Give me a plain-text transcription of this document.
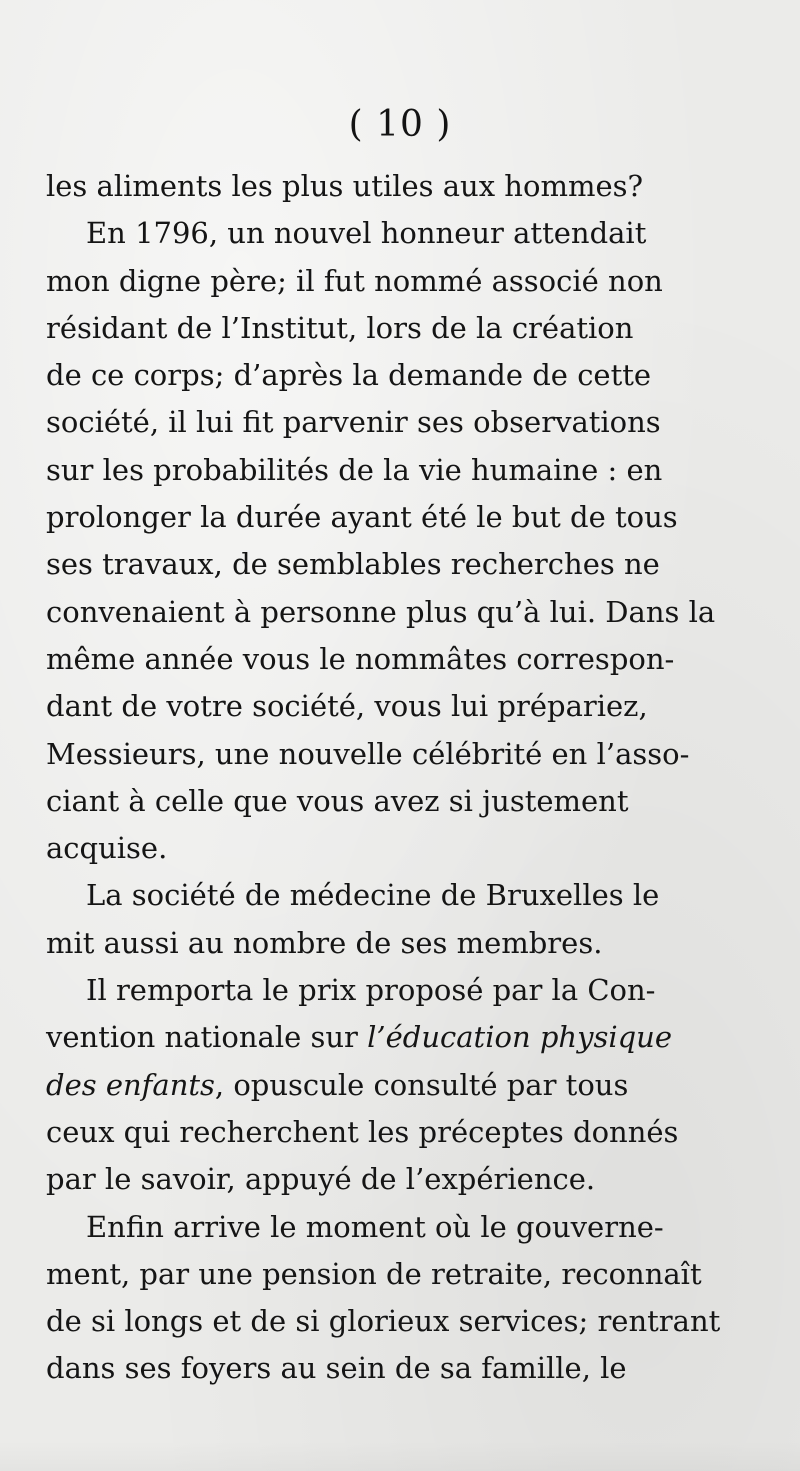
( 10 )
les aliments les plus utiles aux hommes?
En 1796, un nouvel honneur attendait
mon digne père; il fut nommé associé non
résidant de l’Institut, lors de la création
de ce corps; d’après la demande de cette
société, il lui fit parvenir ses observations
sur les probabilités de la vie humaine : en
prolonger la durée ayant été le but de tous
ses travaux, de semblables recherches ne
convenaient à personne plus qu’à lui. Dans la
même année vous le nommâtes correspon-
dant de votre société, vous lui prépariez,
Messieurs, une nouvelle célébrité en l’asso-
ciant à celle que vous avez si justement
acquise.
La société de médecine de Bruxelles le
mit aussi au nombre de ses membres.
Il remporta le prix proposé par la Con-
vention nationale sur l’éducation physique
des enfants, opuscule consulté par tous
ceux qui recherchent les préceptes donnés
par le savoir, appuyé de l’expérience.
Enfin arrive le moment où le gouverne-
ment, par une pension de retraite, reconnaît
de si longs et de si glorieux services; rentrant
dans ses foyers au sein de sa famille, le
